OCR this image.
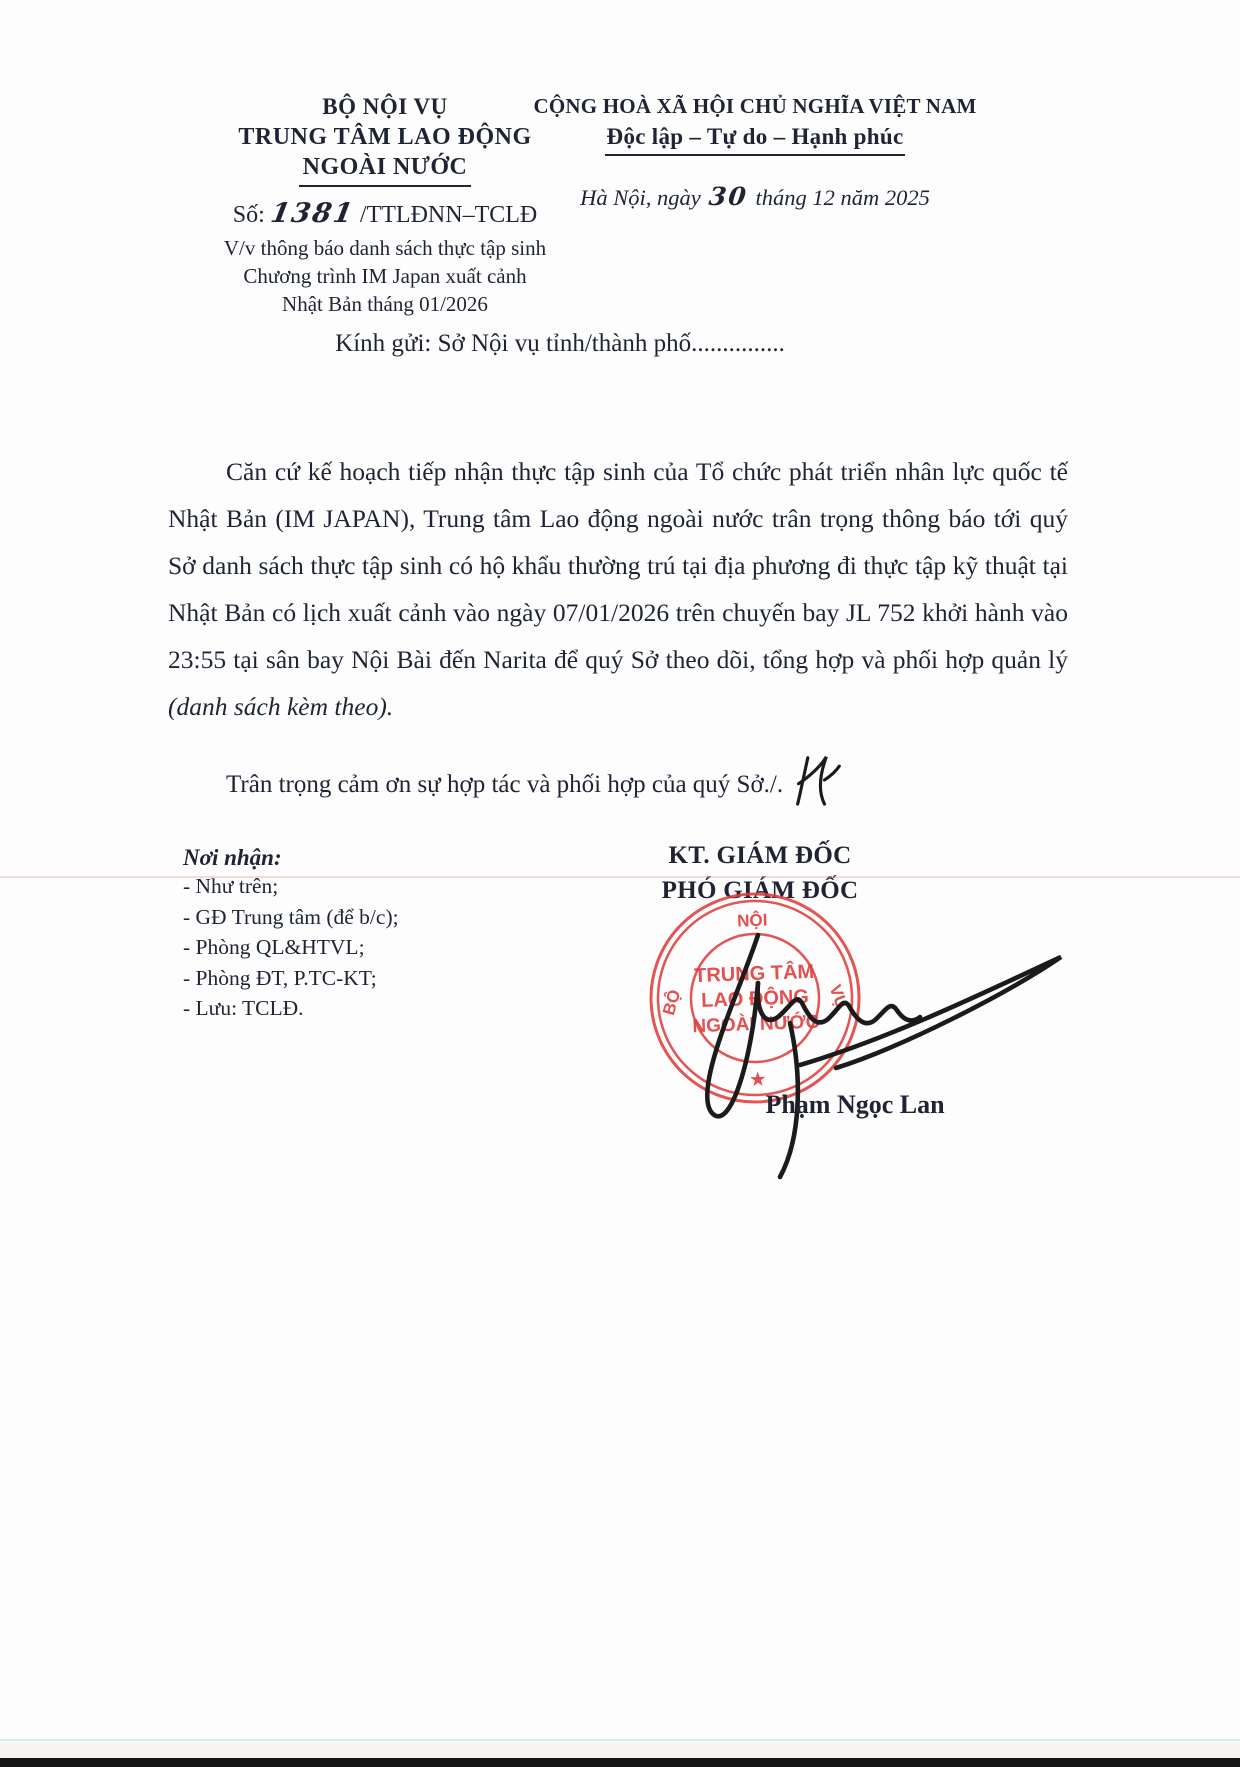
BỘ NỘI VỤ
TRUNG TÂM LAO ĐỘNG
NGOÀI NƯỚC
Số: 1381 /TTLĐNN–TCLĐ
V/v thông báo danh sách thực tập sinh
Chương trình IM Japan xuất cảnh
Nhật Bản tháng 01/2026
CỘNG HOÀ XÃ HỘI CHỦ NGHĨA VIỆT NAM
Độc lập – Tự do – Hạnh phúc
Hà Nội, ngày 30 tháng 12 năm 2025
Kính gửi: Sở Nội vụ tỉnh/thành phố...............
Căn cứ kế hoạch tiếp nhận thực tập sinh của Tổ chức phát triển nhân lực quốc tế Nhật Bản (IM JAPAN), Trung tâm Lao động ngoài nước trân trọng thông báo tới quý Sở danh sách thực tập sinh có hộ khẩu thường trú tại địa phương đi thực tập kỹ thuật tại Nhật Bản có lịch xuất cảnh vào ngày 07/01/2026 trên chuyến bay JL 752 khởi hành vào 23:55 tại sân bay Nội Bài đến Narita để quý Sở theo dõi, tổng hợp và phối hợp quản lý (danh sách kèm theo).
Trân trọng cảm ơn sự hợp tác và phối hợp của quý Sở./.
Nơi nhận:
- Như trên;
- GĐ Trung tâm (để b/c);
- Phòng QL&HTVL;
- Phòng ĐT, P.TC-KT;
- Lưu: TCLĐ.
KT. GIÁM ĐỐC
PHÓ GIÁM ĐỐC
NỘI
BỘ	VỤ
TRUNG TÂM
LAO ĐỘNG
NGOÀI NƯỚC
★
Phạm Ngọc Lan
